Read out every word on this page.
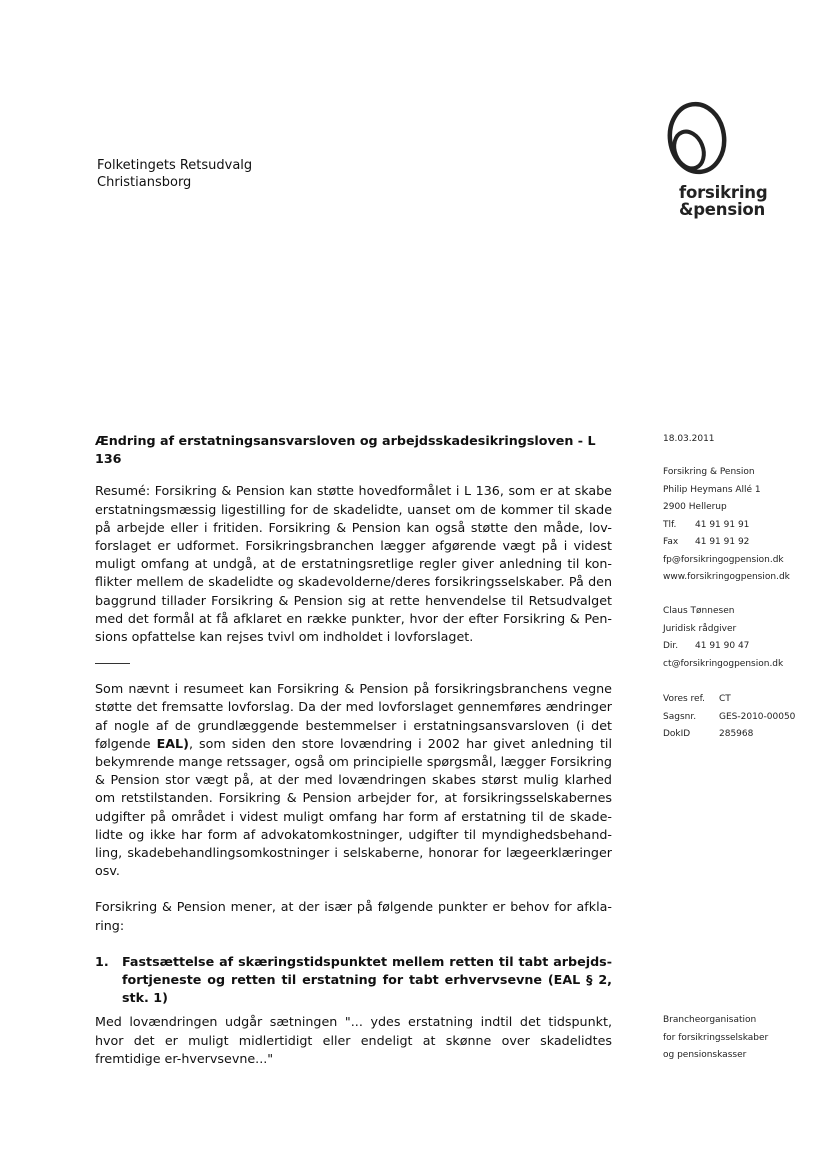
Folketingets Retsudvalg
Christiansborg
forsikring
&pension
Ændring af erstatningsansvarsloven og arbejdsskadesikringsloven - L 136

Resumé: Forsikring & Pension kan støtte hovedformålet i L 136, som er at skabe erstatningsmæssig ligestilling for de skadelidte, uanset om de kommer til skade på arbejde eller i fritiden. Forsikring & Pension kan også støtte den måde, lov-forslaget er udformet. Forsikringsbranchen lægger afgørende vægt på i videst muligt omfang at undgå, at de erstatningsretlige regler giver anledning til kon-flikter mellem de skadelidte og skadevolderne/deres forsikringsselskaber. På den baggrund tillader Forsikring & Pension sig at rette henvendelse til Retsudvalget med det formål at få afklaret en række punkter, hvor der efter Forsikring & Pen-sions opfattelse kan rejses tvivl om indholdet i lovforslaget.

Som nævnt i resumeet kan Forsikring & Pension på forsikringsbranchens vegne støtte det fremsatte lovforslag. Da der med lovforslaget gennemføres ændringer af nogle af de grundlæggende bestemmelser i erstatningsansvarsloven (i det følgende EAL), som siden den store lovændring i 2002 har givet anledning til bekymrende mange retssager, også om principielle spørgsmål, lægger Forsikring & Pension stor vægt på, at der med lovændringen skabes størst mulig klarhed om retstilstanden. Forsikring & Pension arbejder for, at forsikringsselskabernes udgifter på området i videst muligt omfang har form af erstatning til de skade-lidte og ikke har form af advokatomkostninger, udgifter til myndighedsbehand-ling, skadebehandlingsomkostninger i selskaberne, honorar for lægeerklæringer osv.

Forsikring & Pension mener, at der især på følgende punkter er behov for afkla-ring:

1.	Fastsættelse af skæringstidspunktet mellem retten til tabt arbejds-fortjeneste og retten til erstatning for tabt erhvervsevne (EAL § 2, stk. 1)

Med lovændringen udgår sætningen "... ydes erstatning indtil det tidspunkt, hvor det er muligt midlertidigt eller endeligt at skønne over skadelidtes fremtidige er-hvervsevne..."

18.03.2011
Forsikring & Pension
Philip Heymans Allé 1
2900 Hellerup
Tlf.	41 91 91 91
Fax	41 91 91 92
fp@forsikringogpension.dk
www.forsikringogpension.dk
Claus Tønnesen
Juridisk rådgiver
Dir.	41 91 90 47
ct@forsikringogpension.dk
Vores ref.	CT
Sagsnr.	GES-2010-00050
DokID	285968
Brancheorganisation
for forsikringsselskaber
og pensionskasser
